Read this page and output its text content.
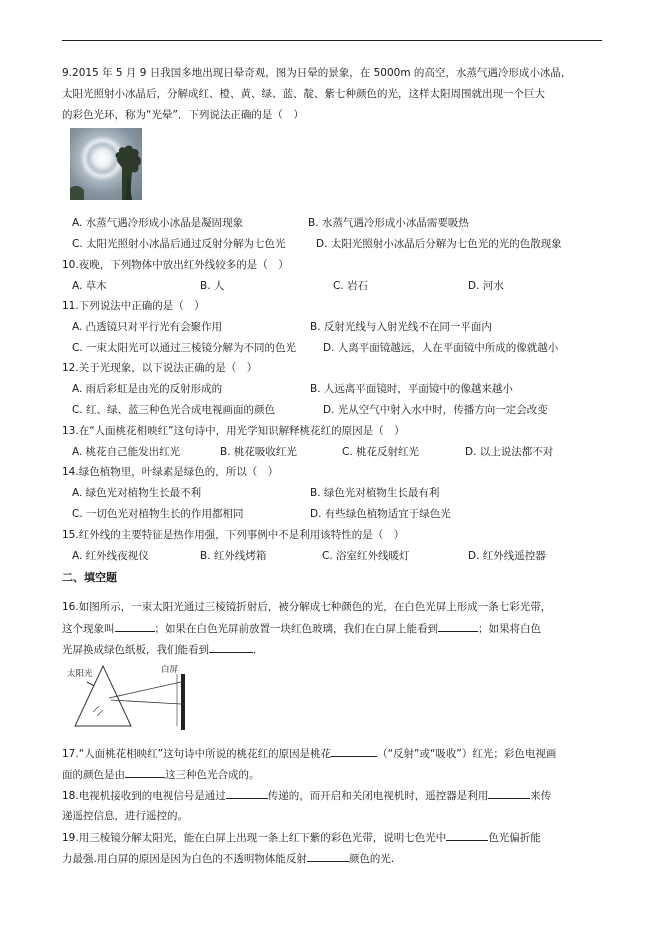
9.2015 年 5 月 9 日我国多地出现日晕奇观，图为日晕的景象，在 5000m 的高空，水蒸气遇冷形成小冰晶，
太阳光照射小冰晶后，分解成红、橙、黄、绿、蓝、靛、紫七种颜色的光，这样太阳周围就出现一个巨大
的彩色光环，称为“光晕”．下列说法正确的是（　）
A. 水蒸气遇冷形成小冰晶是凝固现象	B. 水蒸气遇冷形成小冰晶需要吸热
C. 太阳光照射小冰晶后通过反射分解为七色光	D. 太阳光照射小冰晶后分解为七色光的光的色散现象
10.夜晚，下列物体中放出红外线较多的是（　）
A. 草木	B. 人	C. 岩石	D. 河水
11.下列说法中正确的是（　）
A. 凸透镜只对平行光有会聚作用	B. 反射光线与入射光线不在同一平面内
C. 一束太阳光可以通过三棱镜分解为不同的色光	D. 人离平面镜越远，人在平面镜中所成的像就越小
12.关于光现象，以下说法正确的是（　）
A. 雨后彩虹是由光的反射形成的	B. 人远离平面镜时，平面镜中的像越来越小
C. 红、绿、蓝三种色光合成电视画面的颜色	D. 光从空气中射入水中时，传播方向一定会改变
13.在“人面桃花相映红”这句诗中，用光学知识解释桃花红的原因是（　）
A. 桃花自己能发出红光	B. 桃花吸收红光	C. 桃花反射红光	D. 以上说法都不对
14.绿色植物里，叶绿素是绿色的，所以（　）
A. 绿色光对植物生长最不利	B. 绿色光对植物生长最有利
C. 一切色光对植物生长的作用都相同	D. 有些绿色植物适宜于绿色光
15.红外线的主要特征是热作用强，下列事例中不是利用该特性的是（　）
A. 红外线夜视仪	B. 红外线烤箱	C. 浴室红外线暖灯	D. 红外线遥控器
二、填空题
16.如图所示，一束太阳光通过三棱镜折射后，被分解成七种颜色的光，在白色光屏上形成一条七彩光带，
这个现象叫	；如果在白色光屏前放置一块红色玻璃，我们在白屏上能看到	；如果将白色
光屏换成绿色纸板，我们能看到	．
太阳光	白屏
17.“人面桃花相映红”这句诗中所说的桃花红的原因是桃花	（“反射”或“吸收”）红光；彩色电视画
面的颜色是由	这三种色光合成的。
18.电视机接收到的电视信号是通过	传递的，而开启和关闭电视机时，遥控器是利用	来传
递遥控信息，进行遥控的。
19.用三棱镜分解太阳光，能在白屏上出现一条上红下紫的彩色光带，说明七色光中	色光偏折能
力最强.用白屏的原因是因为白色的不透明物体能反射	颜色的光.
